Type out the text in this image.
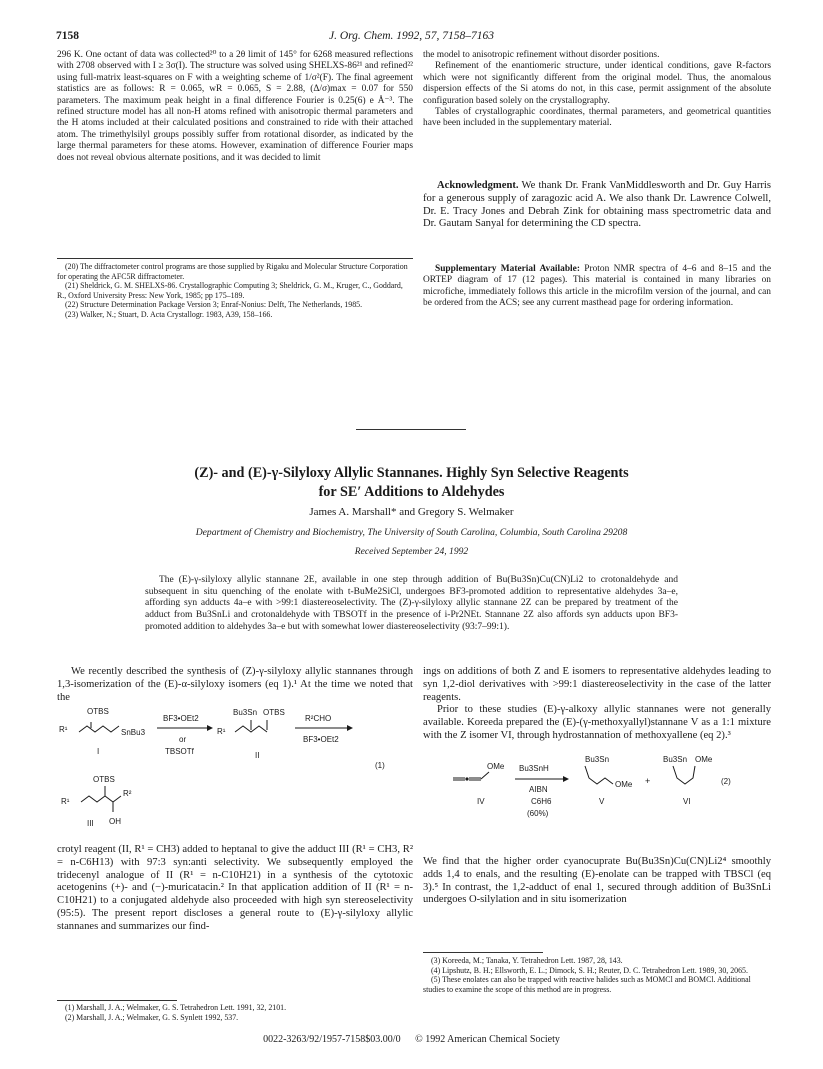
7158	J. Org. Chem. 1992, 57, 7158–7163

296 K. One octant of data was collected²⁰ to a 2θ limit of 145° for 6268 measured reflections with 2708 observed with I ≥ 3σ(I). The structure was solved using SHELXS-86²¹ and refined²² using full-matrix least-squares on F with a weighting scheme of 1/σ²(F). The final agreement statistics are as follows: R = 0.065, wR = 0.065, S = 2.88, (Δ/σ)max = 0.07 for 550 parameters. The maximum peak height in a final difference Fourier is 0.25(6) e Å⁻³. The refined structure model has all non-H atoms refined with anisotropic thermal parameters and the H atoms included at their calculated positions and constrained to ride with their attached atom. The trimethylsilyl groups possibly suffer from rotational disorder, as indicated by the large thermal parameters for these atoms. However, examination of difference Fourier maps does not reveal obvious alternate positions, and it was decided to limit

(20) The diffractometer control programs are those supplied by Rigaku and Molecular Structure Corporation for operating the AFC5R diffractometer.
(21) Sheldrick, G. M. SHELXS-86. Crystallographic Computing 3; Sheldrick, G. M., Kruger, C., Goddard, R., Oxford University Press: New York, 1985; pp 175–189.
(22) Structure Determination Package Version 3; Enraf-Nonius: Delft, The Netherlands, 1985.
(23) Walker, N.; Stuart, D. Acta Crystallogr. 1983, A39, 158–166.

the model to anisotropic refinement without disorder positions.

Refinement of the enantiomeric structure, under identical conditions, gave R-factors which were not significantly different from the original model. Thus, the anomalous dispersion effects of the Si atoms do not, in this case, permit assignment of the absolute configuration based solely on the crystallography.

Tables of crystallographic coordinates, thermal parameters, and geometrical quantities have been included in the supplementary material.

Acknowledgment. We thank Dr. Frank VanMiddlesworth and Dr. Guy Harris for a generous supply of zaragozic acid A. We also thank Dr. Lawrence Colwell, Dr. E. Tracy Jones and Debrah Zink for obtaining mass spectrometric data and Dr. Gautam Sanyal for determining the CD spectra.

Supplementary Material Available: Proton NMR spectra of 4–6 and 8–15 and the ORTEP diagram of 17 (12 pages). This material is contained in many libraries on microfiche, immediately follows this article in the microfilm version of the journal, and can be ordered from the ACS; see any current masthead page for ordering information.

(Z)- and (E)-γ-Silyloxy Allylic Stannanes. Highly Syn Selective Reagents
for SE′ Additions to Aldehydes
James A. Marshall* and Gregory S. Welmaker
Department of Chemistry and Biochemistry, The University of South Carolina, Columbia, South Carolina 29208
Received September 24, 1992
The (E)-γ-silyloxy allylic stannane 2E, available in one step through addition of Bu(Bu3Sn)Cu(CN)Li2 to crotonaldehyde and subsequent in situ quenching of the enolate with t-BuMe2SiCl, undergoes BF3-promoted addition to representative aldehydes 3a–e, affording syn adducts 4a–e with >99:1 diastereoselectivity. The (Z)-γ-silyloxy allylic stannane 2Z can be prepared by treatment of the adduct from Bu3SnLi and crotonaldehyde with TBSOTf in the presence of i-Pr2NEt. Stannane 2Z also affords syn adducts upon BF3-promoted addition to aldehydes 3a–e but with somewhat lower diastereoselectivity (93:7–99:1).

We recently described the synthesis of (Z)-γ-silyloxy allylic stannanes through 1,3-isomerization of the (E)-α-silyloxy isomers (eq 1).¹ At the time we noted that the

OTBS
SnBu3
R¹
I
BF3•OEt2
or
TBSOTf
Bu3Sn OTBS
R¹
II
R²CHO
BF3•OEt2
(1)
OTBS
R²
R¹
OH
III

crotyl reagent (II, R¹ = CH3) added to heptanal to give the adduct III (R¹ = CH3, R² = n-C6H13) with 97:3 syn:anti selectivity. We subsequently employed the tridecenyl analogue of II (R¹ = n-C10H21) in a synthesis of the cytotoxic acetogenins (+)- and (−)-muricatacin.² In that application addition of II (R¹ = n-C10H21) to a conjugated aldehyde also proceeded with high syn stereoselectivity (95:5). The present report discloses a general route to (E)-γ-silyloxy allylic stannanes and summarizes our find-

(1) Marshall, J. A.; Welmaker, G. S. Tetrahedron Lett. 1991, 32, 2101.
(2) Marshall, J. A.; Welmaker, G. S. Synlett 1992, 537.

ings on additions of both Z and E isomers to representative aldehydes leading to syn 1,2-diol derivatives with >99:1 diastereoselectivity in the case of the latter reagents.

Prior to these studies (E)-γ-alkoxy allylic stannanes were not generally available. Koreeda prepared the (E)-(γ-methoxyallyl)stannane V as a 1:1 mixture with the Z isomer VI, through hydrostannation of methoxyallene (eq 2).³

OMe
IV
Bu3SnH
AIBN
C6H6
(60%)
Bu3Sn
OMe
V
+
Bu3Sn OMe
VI
(2)

We find that the higher order cyanocuprate Bu(Bu3Sn)Cu(CN)Li2⁴ smoothly adds 1,4 to enals, and the resulting (E)-enolate can be trapped with TBSCl (eq 3).⁵ In contrast, the 1,2-adduct of enal 1, secured through addition of Bu3SnLi undergoes O-silylation and in situ isomerization

(3) Koreeda, M.; Tanaka, Y. Tetrahedron Lett. 1987, 28, 143.
(4) Lipshutz, B. H.; Ellsworth, E. L.; Dimock, S. H.; Reuter, D. C. Tetrahedron Lett. 1989, 30, 2065.
(5) These enolates can also be trapped with reactive halides such as MOMCl and BOMCl. Additional studies to examine the scope of this method are in progress.
0022-3263/92/1957-7158$03.00/0 © 1992 American Chemical Society
